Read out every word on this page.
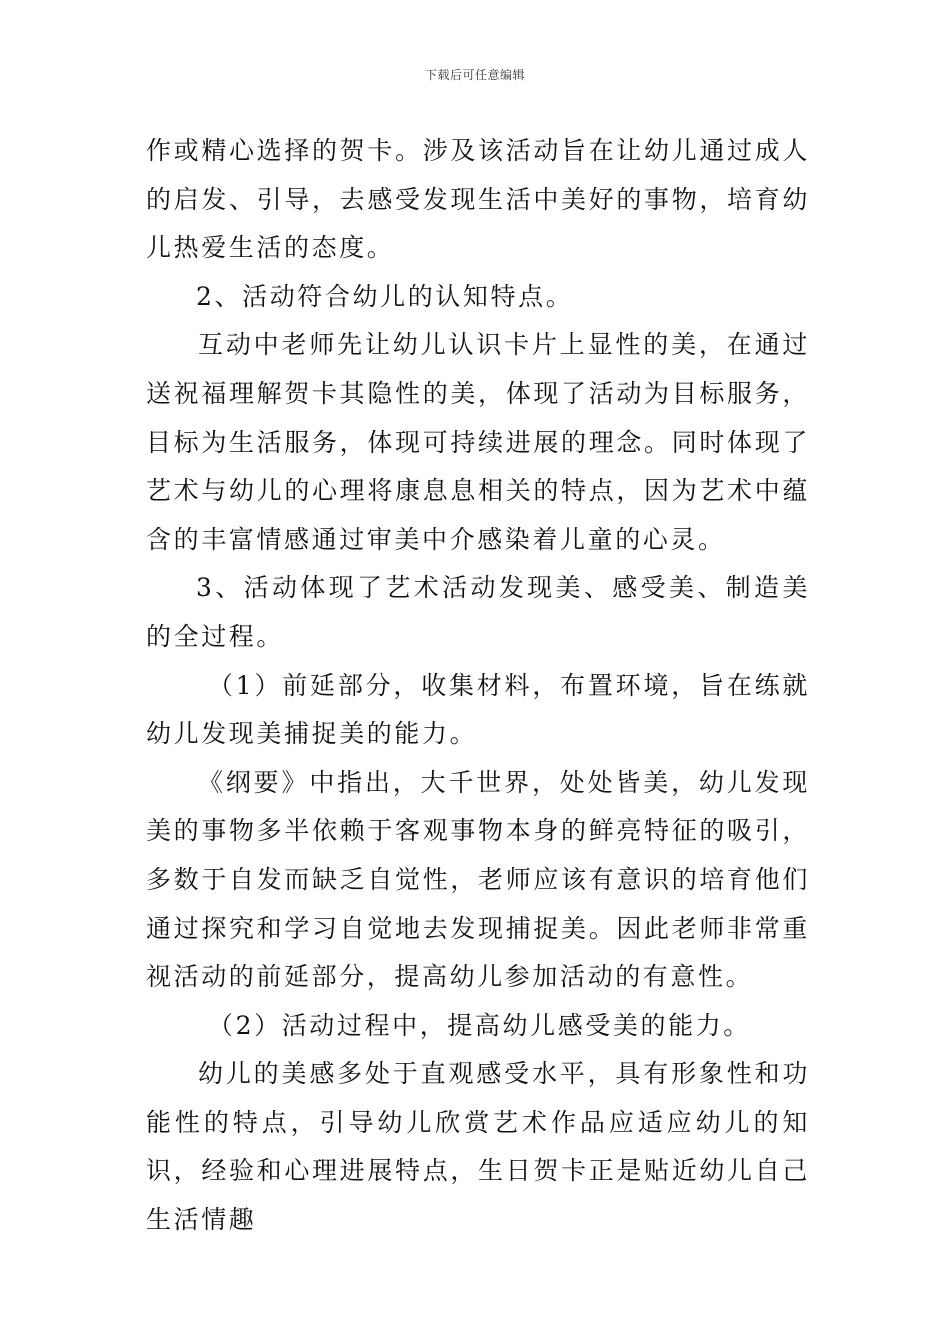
下载后可任意编辑

作或精心选择的贺卡。涉及该活动旨在让幼儿通过成人的启发、引导，去感受发现生活中美好的事物，培育幼儿热爱生活的态度。

2、活动符合幼儿的认知特点。

互动中老师先让幼儿认识卡片上显性的美，在通过送祝福理解贺卡其隐性的美，体现了活动为目标服务，目标为生活服务，体现可持续进展的理念。同时体现了艺术与幼儿的心理将康息息相关的特点，因为艺术中蕴含的丰富情感通过审美中介感染着儿童的心灵。

3、活动体现了艺术活动发现美、感受美、制造美的全过程。

（1）前延部分，收集材料，布置环境，旨在练就幼儿发现美捕捉美的能力。

《纲要》中指出，大千世界，处处皆美，幼儿发现美的事物多半依赖于客观事物本身的鲜亮特征的吸引，多数于自发而缺乏自觉性，老师应该有意识的培育他们通过探究和学习自觉地去发现捕捉美。因此老师非常重视活动的前延部分，提高幼儿参加活动的有意性。

（2）活动过程中，提高幼儿感受美的能力。

幼儿的美感多处于直观感受水平，具有形象性和功能性的特点，引导幼儿欣赏艺术作品应适应幼儿的知识，经验和心理进展特点，生日贺卡正是贴近幼儿自己生活情趣
